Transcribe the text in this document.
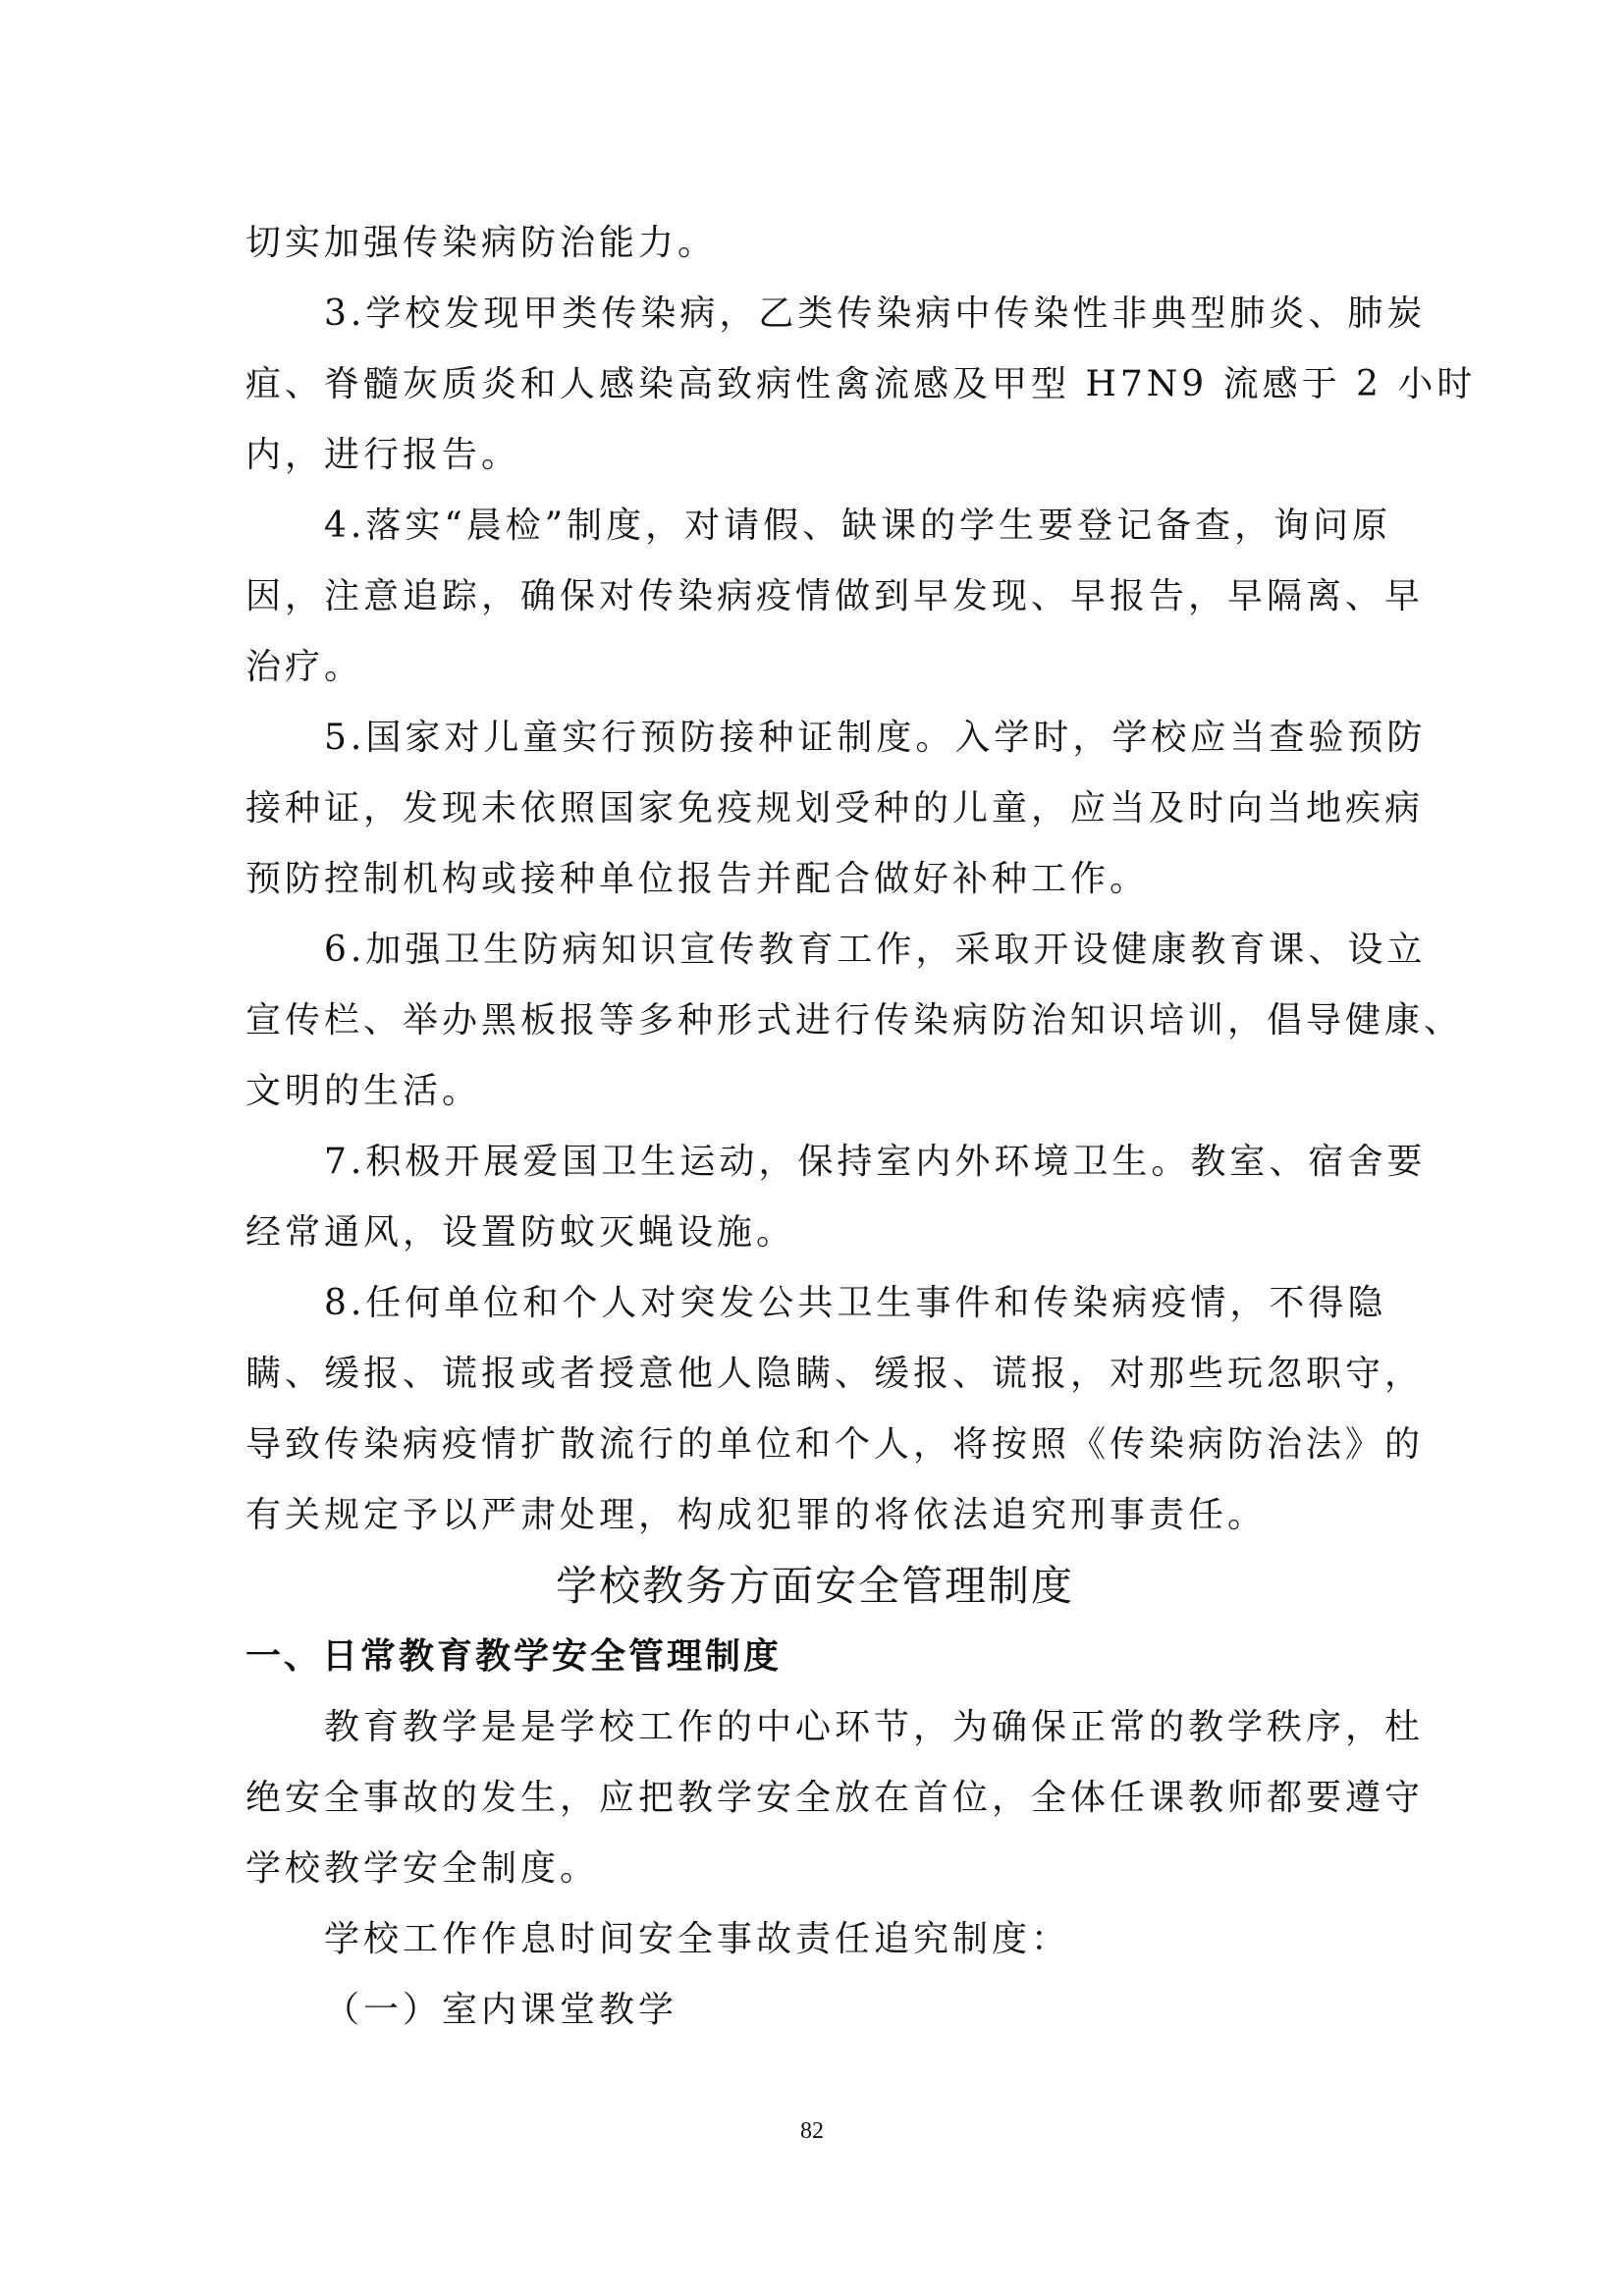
切实加强传染病防治能力。
3.学校发现甲类传染病，乙类传染病中传染性非典型肺炎、肺炭
疽、脊髓灰质炎和人感染高致病性禽流感及甲型 H7N9 流感于 2 小时
内，进行报告。
4.落实“晨检”制度，对请假、缺课的学生要登记备查，询问原
因，注意追踪，确保对传染病疫情做到早发现、早报告，早隔离、早
治疗。
5.国家对儿童实行预防接种证制度。入学时，学校应当查验预防
接种证，发现未依照国家免疫规划受种的儿童，应当及时向当地疾病
预防控制机构或接种单位报告并配合做好补种工作。
6.加强卫生防病知识宣传教育工作，采取开设健康教育课、设立
宣传栏、举办黑板报等多种形式进行传染病防治知识培训，倡导健康、
文明的生活。
7.积极开展爱国卫生运动，保持室内外环境卫生。教室、宿舍要
经常通风，设置防蚊灭蝇设施。
8.任何单位和个人对突发公共卫生事件和传染病疫情，不得隐
瞒、缓报、谎报或者授意他人隐瞒、缓报、谎报，对那些玩忽职守，
导致传染病疫情扩散流行的单位和个人，将按照《传染病防治法》的
有关规定予以严肃处理，构成犯罪的将依法追究刑事责任。
学校教务方面安全管理制度
一、日常教育教学安全管理制度
教育教学是是学校工作的中心环节，为确保正常的教学秩序，杜
绝安全事故的发生，应把教学安全放在首位，全体任课教师都要遵守
学校教学安全制度。
学校工作作息时间安全事故责任追究制度：
（一）室内课堂教学
82
